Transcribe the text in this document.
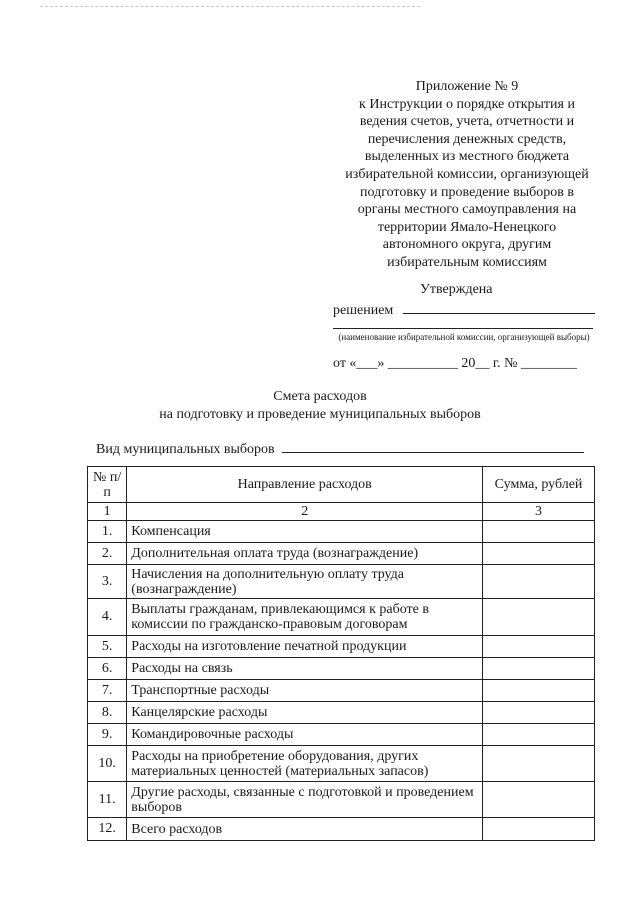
Приложение № 9
к Инструкции о порядке открытия и
ведения счетов, учета, отчетности и
перечисления денежных средств,
выделенных из местного бюджета
избирательной комиссии, организующей
подготовку и проведение выборов в
органы местного самоуправления на
территории Ямало-Ненецкого
автономного округа, другим
избирательным комиссиям
Утверждена
решением
(наименование избирательной комиссии, организующей выборы)
от «___» __________ 20__ г. № ________
Смета расходов
на подготовку и проведение муниципальных выборов
Вид муниципальных выборов
№ п/п	Направление расходов	Сумма, рублей
1	2	3
1.	Компенсация	
2.	Дополнительная оплата труда (вознаграждение)	
3.	Начисления на дополнительную оплату труда (вознаграждение)	
4.	Выплаты гражданам, привлекающимся к работе в комиссии по гражданско-правовым договорам	
5.	Расходы на изготовление печатной продукции	
6.	Расходы на связь	
7.	Транспортные расходы	
8.	Канцелярские расходы	
9.	Командировочные расходы	
10.	Расходы на приобретение оборудования, других материальных ценностей (материальных запасов)	
11.	Другие расходы, связанные с подготовкой и проведением выборов	
12.	Всего расходов	
